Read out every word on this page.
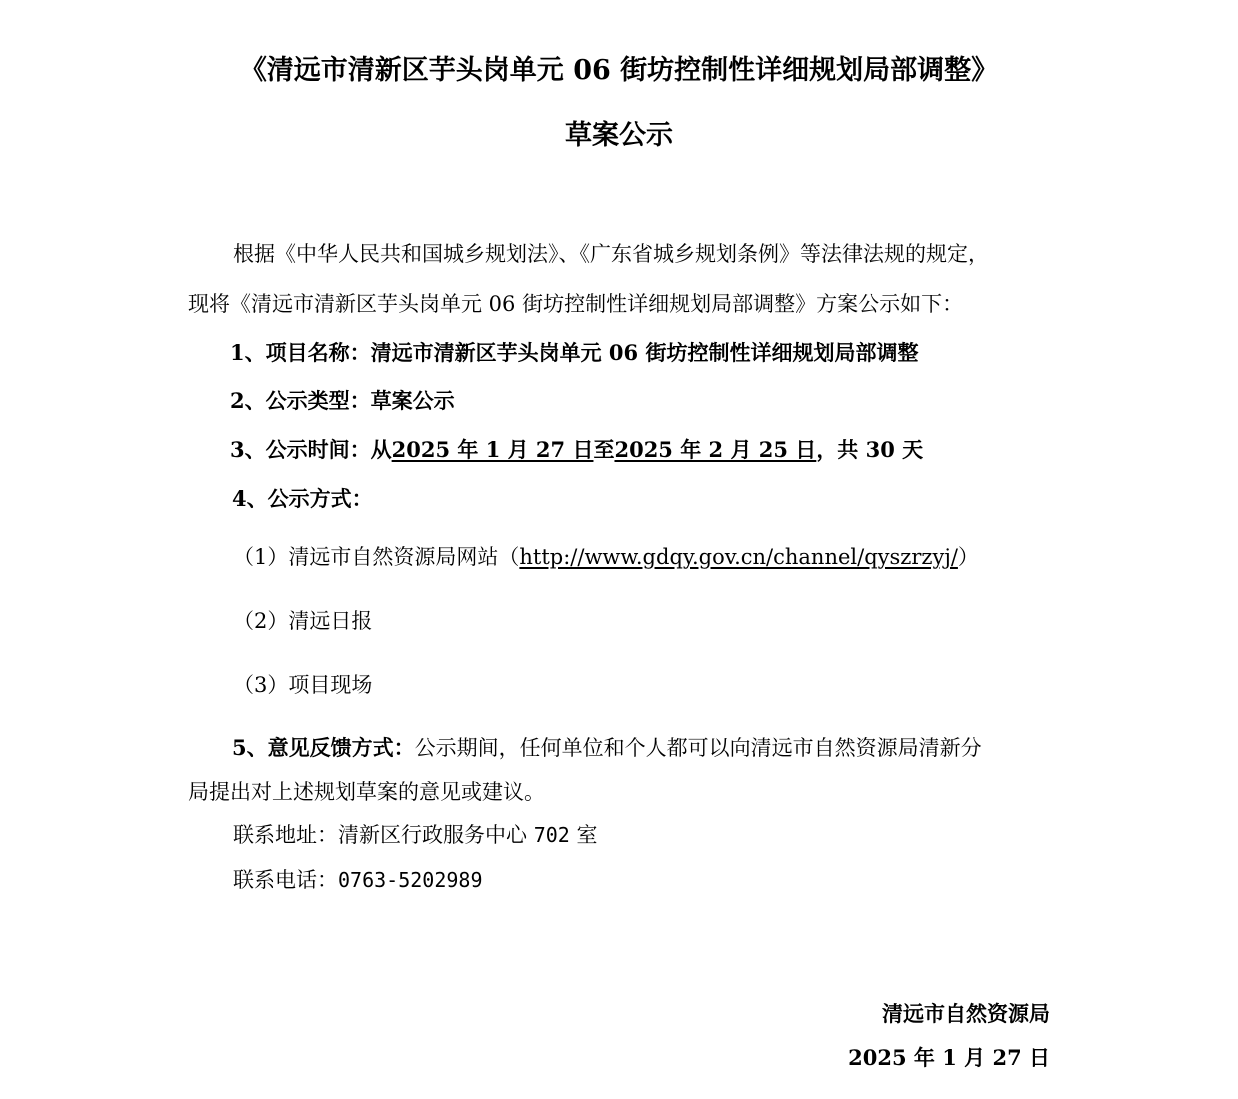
《清远市清新区芋头岗单元 06 街坊控制性详细规划局部调整》
草案公示
根据《中华人民共和国城乡规划法》、《广东省城乡规划条例》等法律法规的规定，
现将《清远市清新区芋头岗单元 06 街坊控制性详细规划局部调整》方案公示如下：
1、项目名称：清远市清新区芋头岗单元 06 街坊控制性详细规划局部调整
2、公示类型：草案公示
3、公示时间：从2025 年 1 月 27 日至2025 年 2 月 25 日，共 30 天
4、公示方式：
（1）清远市自然资源局网站（http://www.gdqy.gov.cn/channel/qyszrzyj/）
（2）清远日报
（3）项目现场
5、意见反馈方式：公示期间，任何单位和个人都可以向清远市自然资源局清新分
局提出对上述规划草案的意见或建议。
联系地址：清新区行政服务中心 702 室
联系电话：0763-5202989
清远市自然资源局
2025 年 1 月 27 日
